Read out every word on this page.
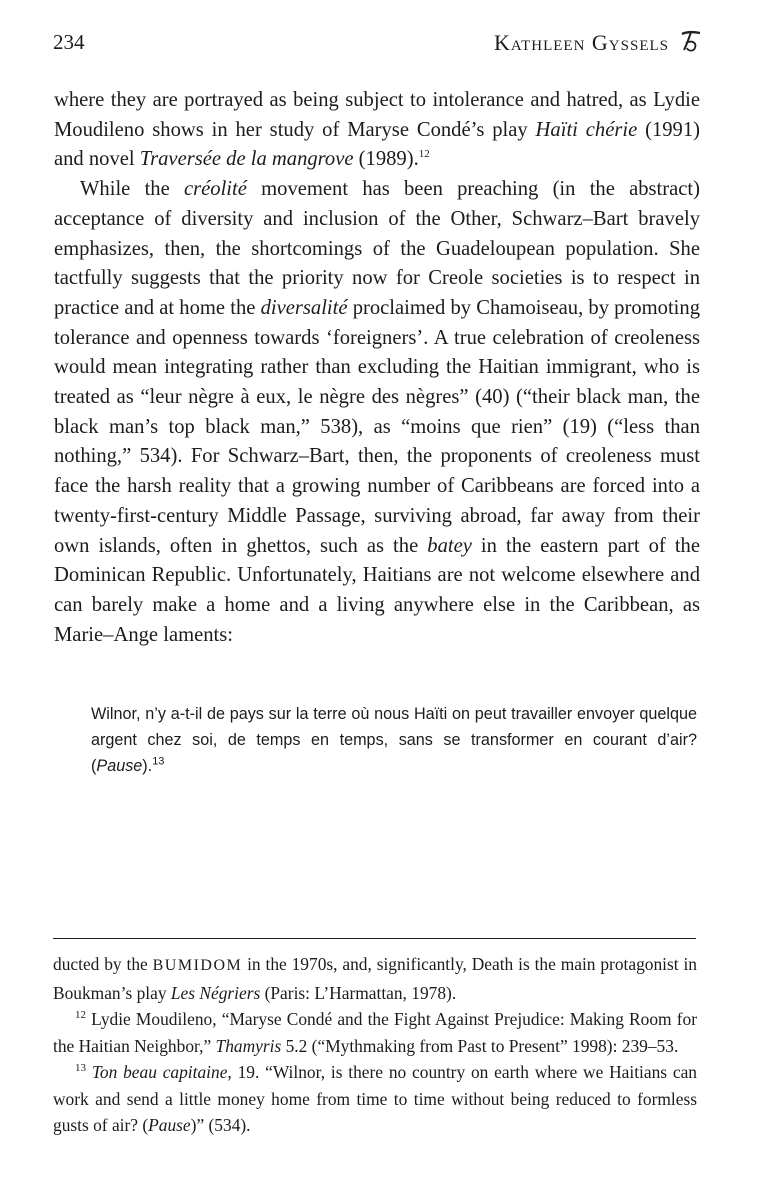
234	Kathleen Gyssels

where they are portrayed as being subject to intolerance and hatred, as Lydie Moudileno shows in her study of Maryse Condé’s play Haïti chérie (1991) and novel Traversée de la mangrove (1989).$^{12}$

While the créolité movement has been preaching (in the abstract) acceptance of diversity and inclusion of the Other, Schwarz–Bart bravely emphasizes, then, the shortcomings of the Guadeloupean population. She tactfully suggests that the priority now for Creole societies is to respect in practice and at home the diversalité proclaimed by Chamoiseau, by promoting tolerance and openness towards ‘foreigners’. A true celebration of creoleness would mean integrating rather than excluding the Haitian immigrant, who is treated as “leur nègre à eux, le nègre des nègres” (40) (“their black man, the black man’s top black man,” 538), as “moins que rien” (19) (“less than nothing,” 534). For Schwarz–Bart, then, the proponents of creoleness must face the harsh reality that a growing number of Caribbeans are forced into a twenty-first-century Middle Passage, surviving abroad, far away from their own islands, often in ghettos, such as the batey in the eastern part of the Dominican Republic. Unfortunately, Haitians are not welcome elsewhere and can barely make a home and a living anywhere else in the Caribbean, as Marie–Ange laments:

Wilnor, n’y a-t-il de pays sur la terre où nous Haïti on peut travailler envoyer quelque argent chez soi, de temps en temps, sans se transformer en courant d’air? (Pause).$^{13}$

ducted by the BUMIDOM in the 1970s, and, significantly, Death is the main protagonist in Boukman’s play Les Négriers (Paris: L’Harmattan, 1978).

$^{12}$ Lydie Moudileno, “Maryse Condé and the Fight Against Prejudice: Making Room for the Haitian Neighbor,” Thamyris 5.2 (“Mythmaking from Past to Present” 1998): 239–53.

$^{13}$ Ton beau capitaine, 19. “Wilnor, is there no country on earth where we Haitians can work and send a little money home from time to time without being reduced to formless gusts of air? (Pause)” (534).
